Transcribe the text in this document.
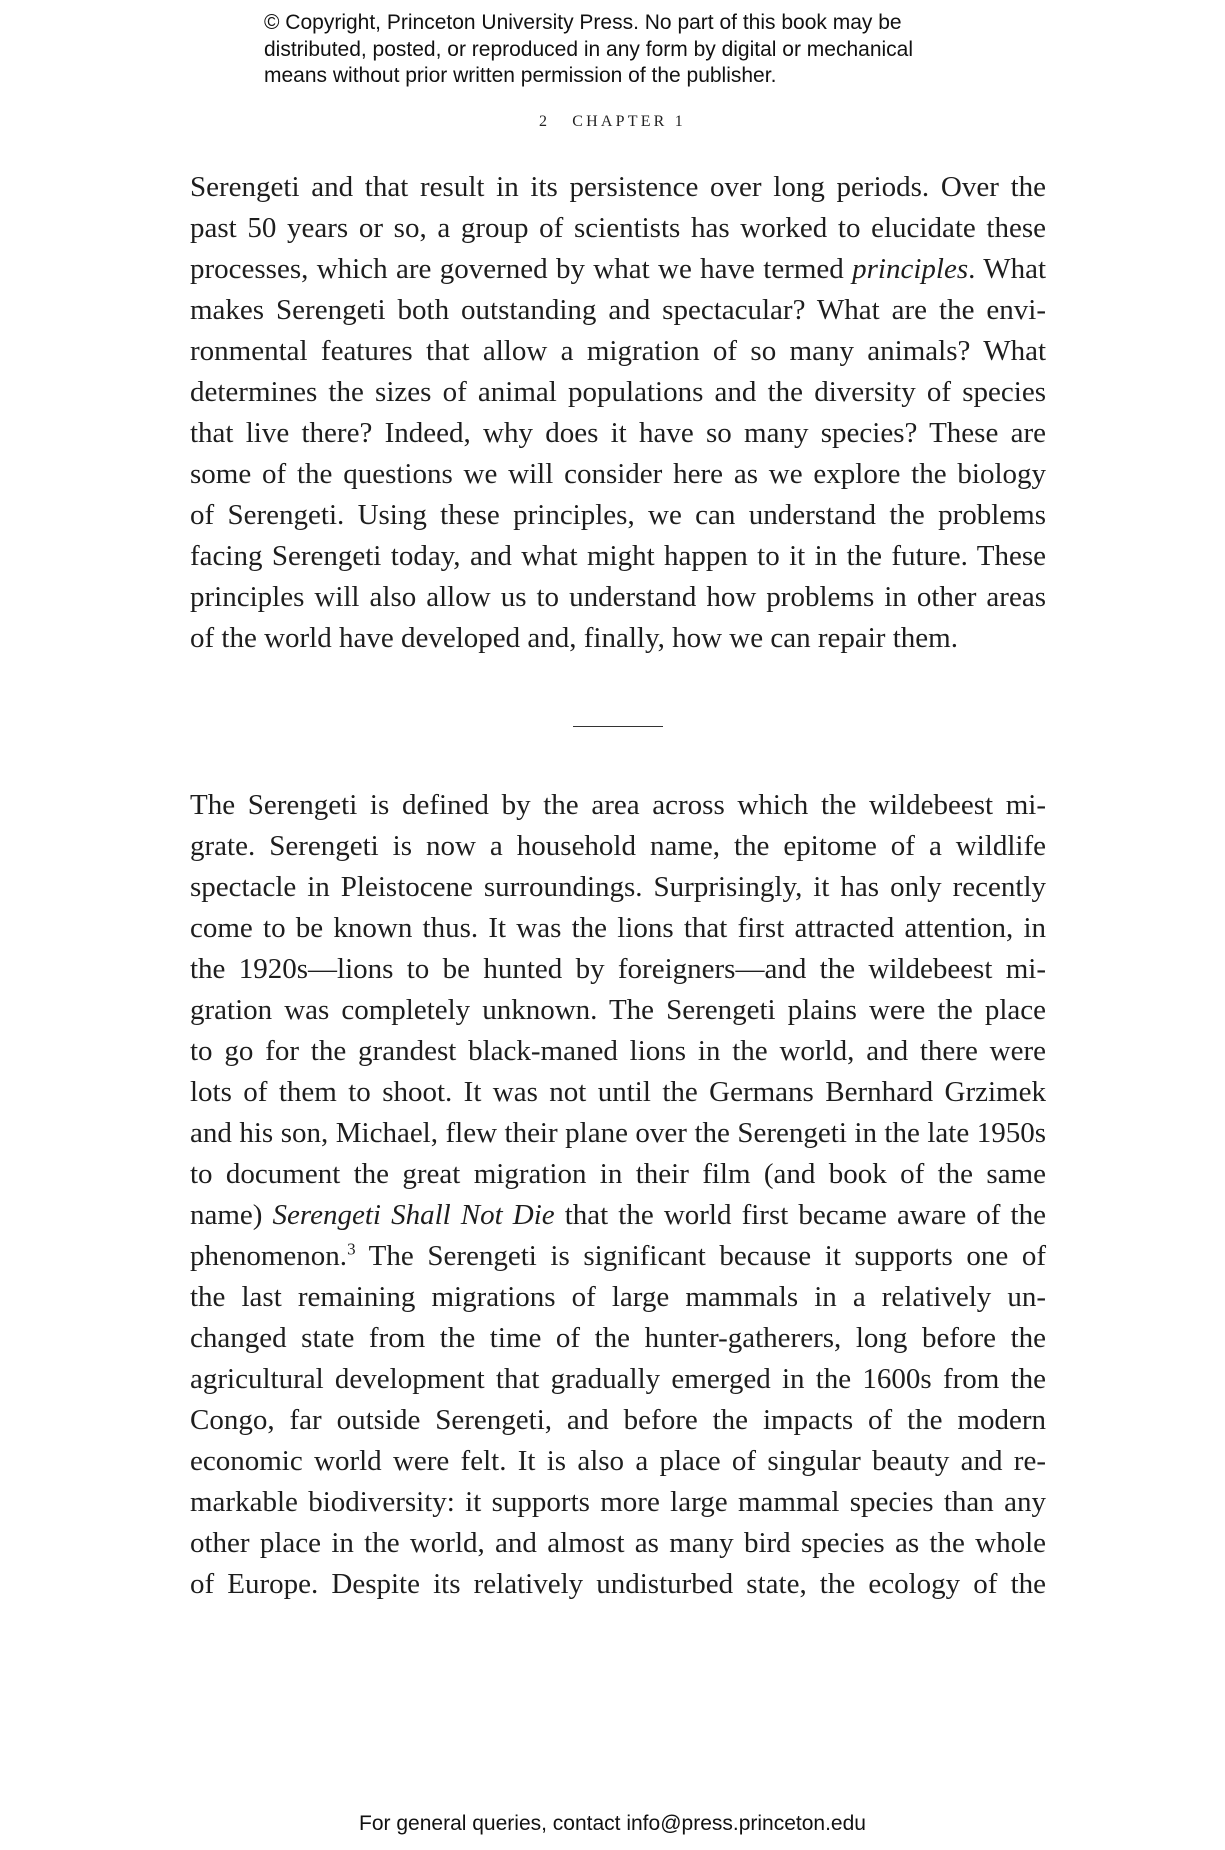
© Copyright, Princeton University Press. No part of this book may be
distributed, posted, or reproduced in any form by digital or mechanical
means without prior written permission of the publisher.
2 CHAPTER 1
Serengeti and that result in its persistence over long periods. Over the
past 50 years or so, a group of scientists has worked to elucidate these
processes, which are governed by what we have termed principles. What
makes Serengeti both outstanding and spectacular? What are the envi-
ronmental features that allow a migration of so many animals? What
determines the sizes of animal populations and the diversity of species
that live there? Indeed, why does it have so many species? These are
some of the questions we will consider here as we explore the biology
of Serengeti. Using these principles, we can understand the problems
facing Serengeti today, and what might happen to it in the future. These
principles will also allow us to understand how problems in other areas
of the world have developed and, finally, how we can repair them.
The Serengeti is defined by the area across which the wildebeest mi-
grate. Serengeti is now a household name, the epitome of a wildlife
spectacle in Pleistocene surroundings. Surprisingly, it has only recently
come to be known thus. It was the lions that first attracted attention, in
the 1920s—lions to be hunted by foreigners—and the wildebeest mi-
gration was completely unknown. The Serengeti plains were the place
to go for the grandest black-maned lions in the world, and there were
lots of them to shoot. It was not until the Germans Bernhard Grzimek
and his son, Michael, flew their plane over the Serengeti in the late 1950s
to document the great migration in their film (and book of the same
name) Serengeti Shall Not Die that the world first became aware of the
phenomenon.$^3$ The Serengeti is significant because it supports one of
the last remaining migrations of large mammals in a relatively un-
changed state from the time of the hunter-gatherers, long before the
agricultural development that gradually emerged in the 1600s from the
Congo, far outside Serengeti, and before the impacts of the modern
economic world were felt. It is also a place of singular beauty and re-
markable biodiversity: it supports more large mammal species than any
other place in the world, and almost as many bird species as the whole
of Europe. Despite its relatively undisturbed state, the ecology of the
For general queries, contact info@press.princeton.edu
